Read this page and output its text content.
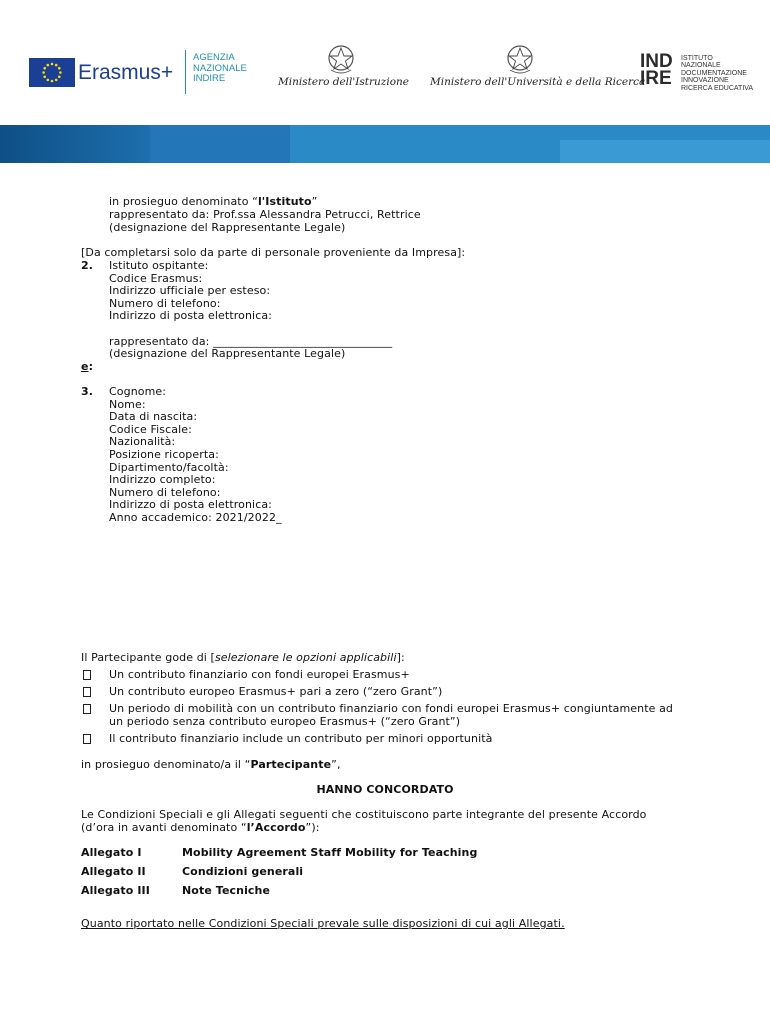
Erasmus+
AGENZIA
NAZIONALE
INDIRE	Ministero dell'Istruzione Ministero dell'Università e della Ricerca
IND
IRE
ISTITUTO
NAZIONALE
DOCUMENTAZIONE
INNOVAZIONE
RICERCA EDUCATIVA
in prosieguo denominato “l'Istituto”
rappresentato da: Prof.ssa Alessandra Petrucci, Rettrice
(designazione del Rappresentante Legale)
[Da completarsi solo da parte di personale proveniente da Impresa]:
2. Istituto ospitante:
Codice Erasmus:
Indirizzo ufficiale per esteso:
Numero di telefono:
Indirizzo di posta elettronica:
rappresentato da: ________________________________
(designazione del Rappresentante Legale)
e:
3. Cognome:
Nome:
Data di nascita:
Codice Fiscale:
Nazionalità:
Posizione ricoperta:
Dipartimento/facoltà:
Indirizzo completo:
Numero di telefono:
Indirizzo di posta elettronica:
Anno accademico: 2021/2022_
Il Partecipante gode di [selezionare le opzioni applicabili]:
Un contributo finanziario con fondi europei Erasmus+
Un contributo europeo Erasmus+ pari a zero (“zero Grant”)
Un periodo di mobilità con un contributo finanziario con fondi europei Erasmus+ congiuntamente ad
un periodo senza contributo europeo Erasmus+ (“zero Grant”)
Il contributo finanziario include un contributo per minori opportunità
in prosieguo denominato/a il “Partecipante”,
HANNO CONCORDATO
Le Condizioni Speciali e gli Allegati seguenti che costituiscono parte integrante del presente Accordo
(d’ora in avanti denominato “l’Accordo”):
Allegato I	Mobility Agreement Staff Mobility for Teaching
Allegato II	Condizioni generali
Allegato III	Note Tecniche
Quanto riportato nelle Condizioni Speciali prevale sulle disposizioni di cui agli Allegati.
